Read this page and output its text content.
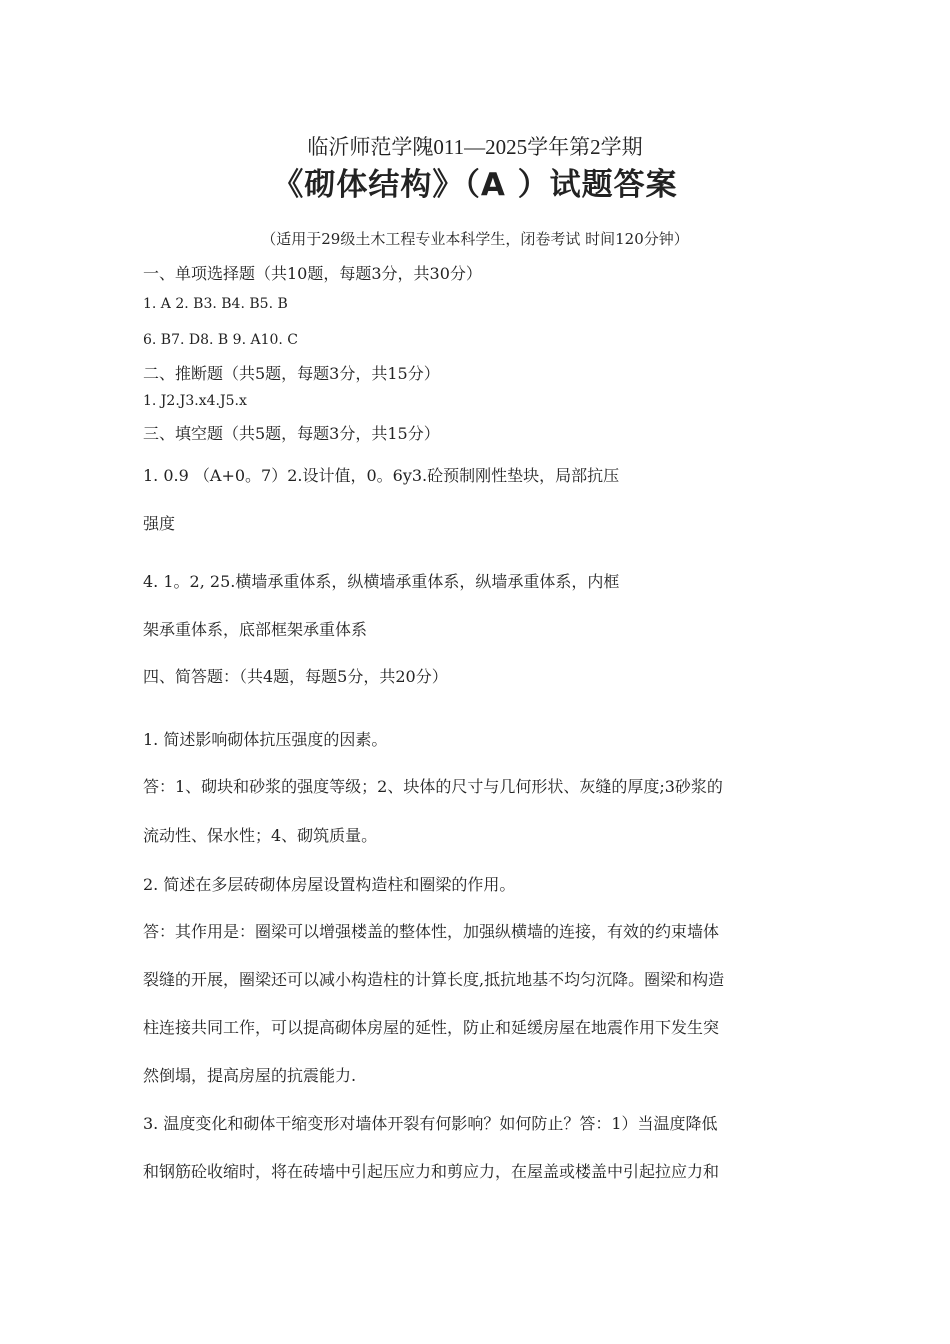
临沂师范学隗011—2025学年第2学期
《砌体结构》（A ）试题答案
（适用于29级土木工程专业本科学生，闭卷考试 时间120分钟）
一、单项选择题（共10题，每题3分，共30分）
1. A 2. B3. B4. B5. B
6. B7. D8. B 9. A10. C
二、推断题（共5题，每题3分，共15分）
1. J2.J3.x4.J5.x
三、填空题（共5题，每题3分，共15分）
1. 0.9 （A+0。7）2.设计值，0。6y3.砼预制刚性垫块，局部抗压
强度
4. 1。2, 25.横墙承重体系，纵横墙承重体系，纵墙承重体系，内框
架承重体系，底部框架承重体系
四、简答题：（共4题，每题5分，共20分）
1. 简述影响砌体抗压强度的因素。
答：1、砌块和砂浆的强度等级；2、块体的尺寸与几何形状、灰缝的厚度;3砂浆的
流动性、保水性；4、砌筑质量。
2. 简述在多层砖砌体房屋设置构造柱和圈梁的作用。
答：其作用是：圈梁可以增强楼盖的整体性，加强纵横墙的连接，有效的约束墙体
裂缝的开展，圈梁还可以减小构造柱的计算长度,抵抗地基不均匀沉降。圈梁和构造
柱连接共同工作，可以提高砌体房屋的延性，防止和延缓房屋在地震作用下发生突
然倒塌，提高房屋的抗震能力.
3. 温度变化和砌体干缩变形对墙体开裂有何影响？如何防止？答：1）当温度降低
和钢筋砼收缩时，将在砖墙中引起压应力和剪应力，在屋盖或楼盖中引起拉应力和
